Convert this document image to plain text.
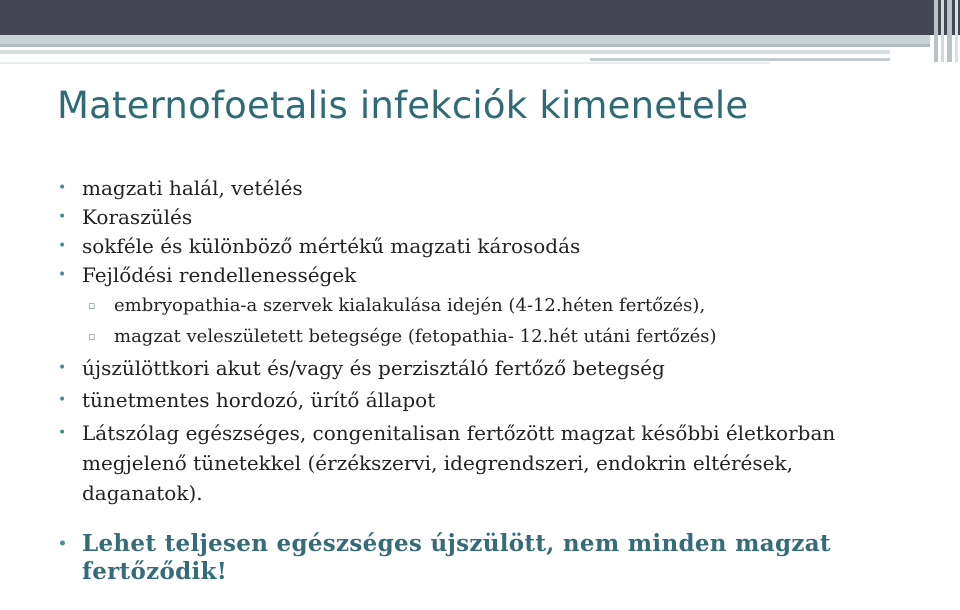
Maternofoetalis infekciók kimenetele
• magzati halál, vetélés
• Koraszülés
• sokféle és különböző mértékű magzati károsodás
• Fejlődési rendellenességek
▫ embryopathia-a szervek kialakulása idején (4-12.héten fertőzés),
▫ magzat veleszületett betegsége (fetopathia- 12.hét utáni fertőzés)
• újszülöttkori akut és/vagy és perzisztáló fertőző betegség
• tünetmentes hordozó, ürítő állapot
• Látszólag egészséges, congenitalisan fertőzött magzat későbbi életkorban megjelenő tünetekkel (érzékszervi, idegrendszeri, endokrin eltérések, daganatok).
• Lehet teljesen egészséges újszülött, nem minden magzat fertőződik!
